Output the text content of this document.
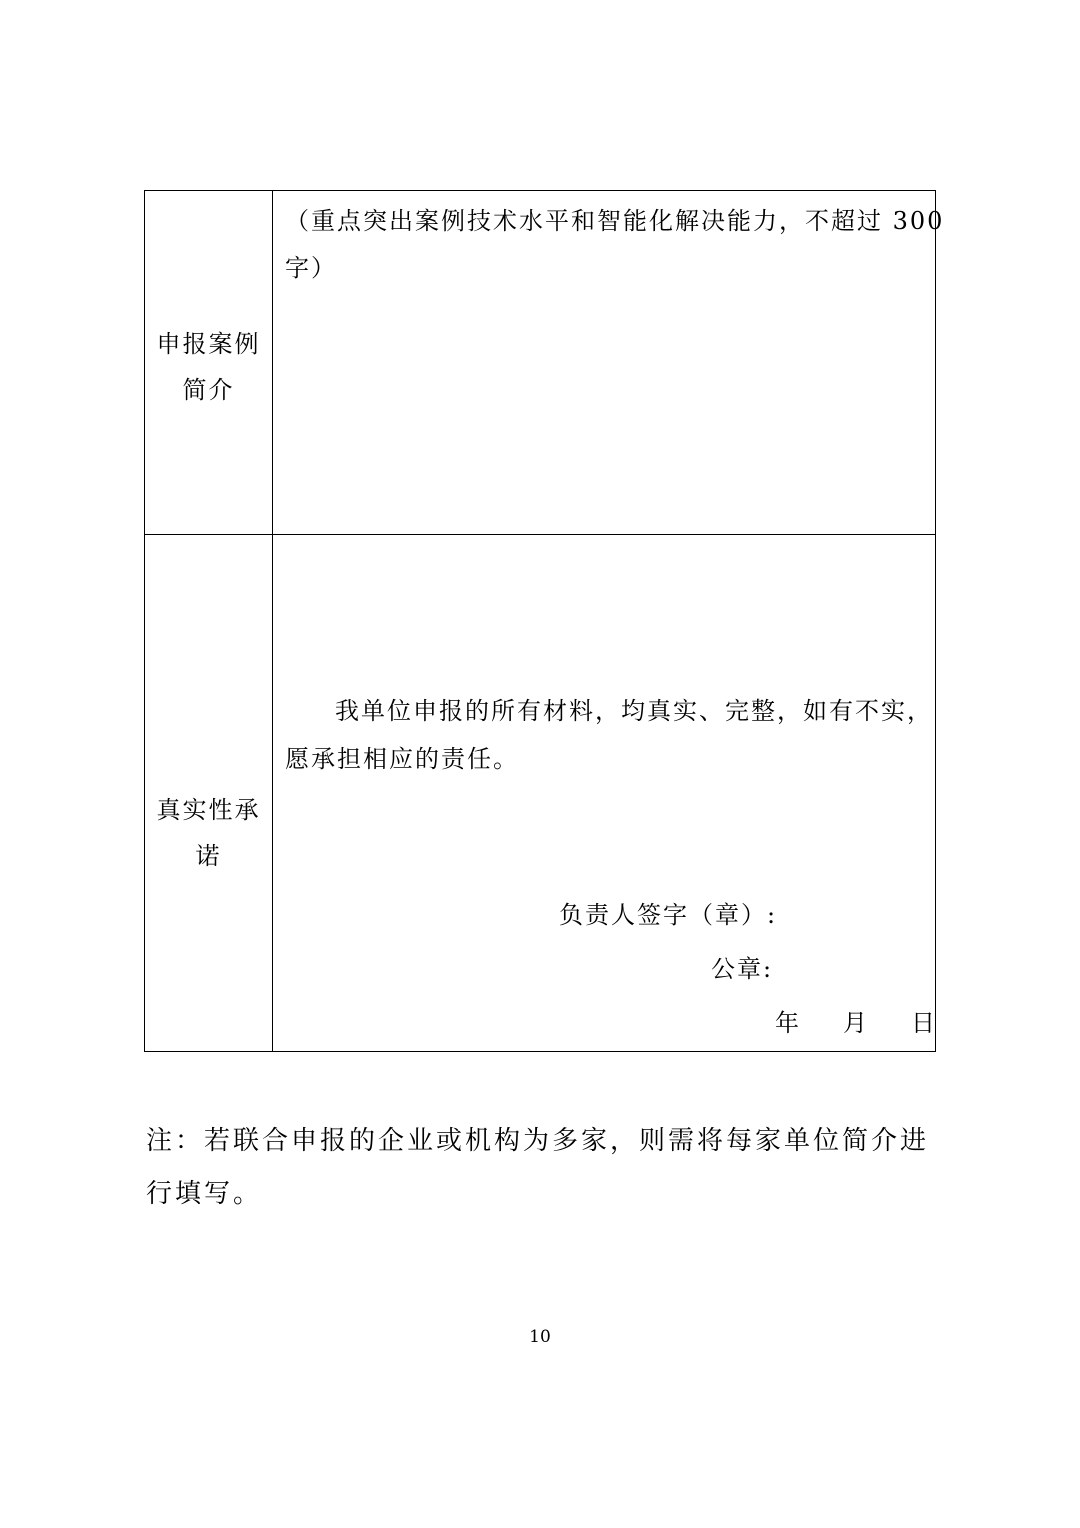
申报案例
简介
（重点突出案例技术水平和智能化解决能力，不超过 300
字）
真实性承
诺
我单位申报的所有材料，均真实、完整，如有不实，
愿承担相应的责任。
负责人签字（章）:
公章:
年 月 日
注：若联合申报的企业或机构为多家，则需将每家单位简介进
行填写。
10
